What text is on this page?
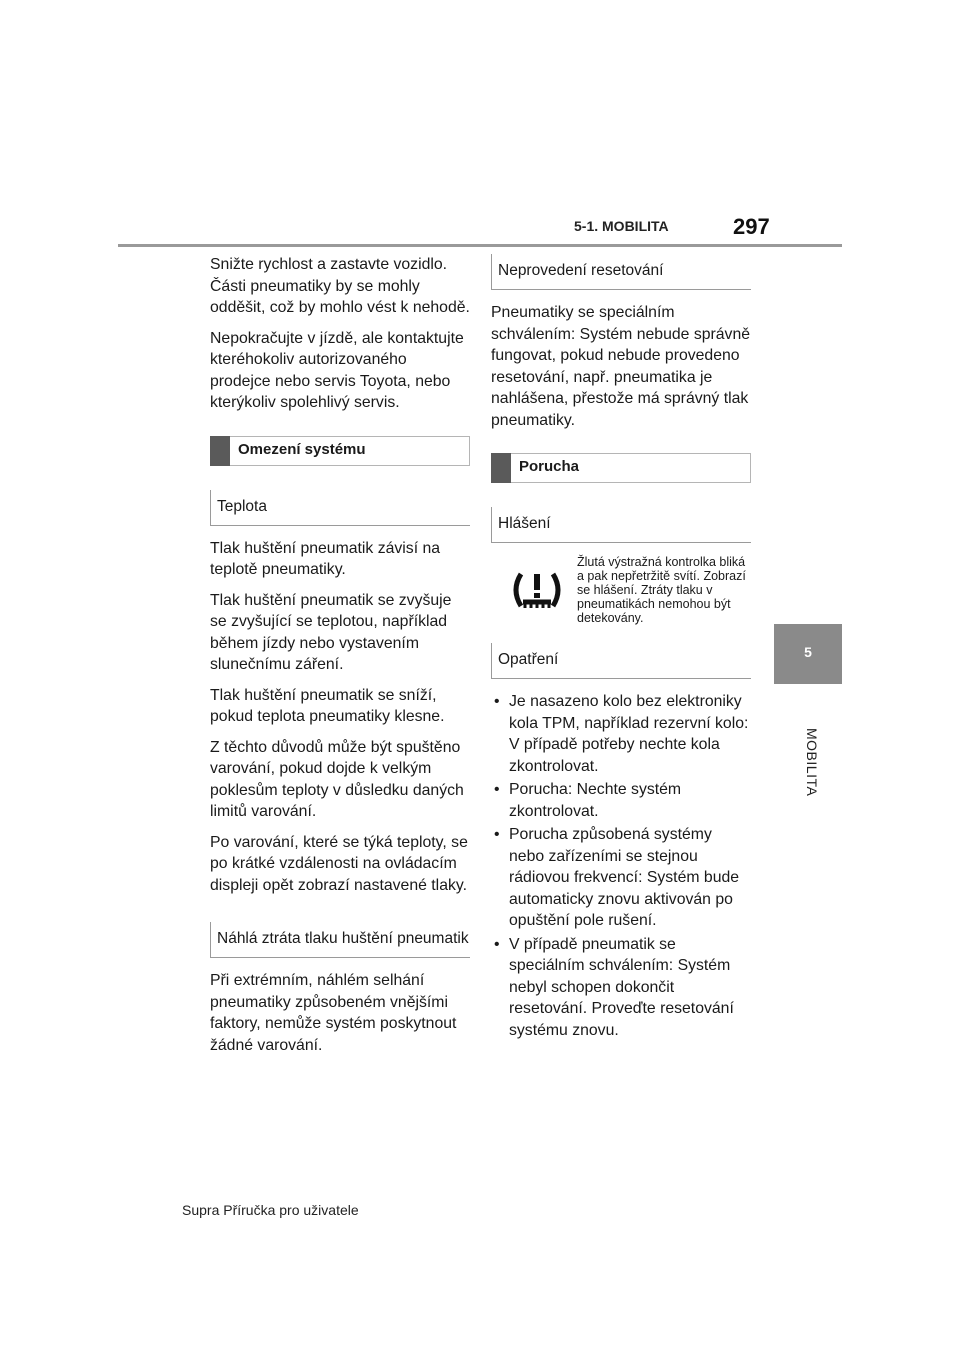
5-1. MOBILITA	297
5
MOBILITA

Snižte rychlost a zastavte vozidlo. Části pneumatiky by se mohly odděšit, což by mohlo vést k nehodě.

Nepokračujte v jízdě, ale kontaktujte kteréhokoliv autorizovaného prodejce nebo servis Toyota, nebo kterýkoliv spolehlivý servis.

Omezení systému
Teplota

Tlak huštění pneumatik závisí na teplotě pneumatiky.

Tlak huštění pneumatik se zvyšuje se zvyšující se teplotou, například během jízdy nebo vystavením slunečnímu záření.

Tlak huštění pneumatik se sníží, pokud teplota pneumatiky klesne.

Z těchto důvodů může být spuštěno varování, pokud dojde k velkým poklesům teploty v důsledku daných limitů varování.

Po varování, které se týká teploty, se po krátké vzdálenosti na ovládacím displeji opět zobrazí nastavené tlaky.

Náhlá ztráta tlaku huštění pneumatik

Při extrémním, náhlém selhání pneumatiky způsobeném vnějšími faktory, nemůže systém poskytnout žádné varování.

Neprovedení resetování

Pneumatiky se speciálním schválením: Systém nebude správně fungovat, pokud nebude provedeno resetování, např. pneumatika je nahlášena, přestože má správný tlak pneumatiky.

Porucha
Hlášení
Žlutá výstražná kontrolka bliká a pak nepřetržitě svítí. Zobrazí se hlášení. Ztráty tlaku v pneumatikách nemohou být detekovány.
Opatření
• Je nasazeno kolo bez elektroniky kola TPM, například rezervní kolo: V případě potřeby nechte kola zkontrolovat.
• Porucha: Nechte systém zkontrolovat.
• Porucha způsobená systémy nebo zařízeními se stejnou rádiovou frekvencí: Systém bude automaticky znovu aktivován po opuštění pole rušení.
• V případě pneumatik se speciálním schválením: Systém nebyl schopen dokončit resetování. Proveďte resetování systému znovu.
Supra Příručka pro uživatele
